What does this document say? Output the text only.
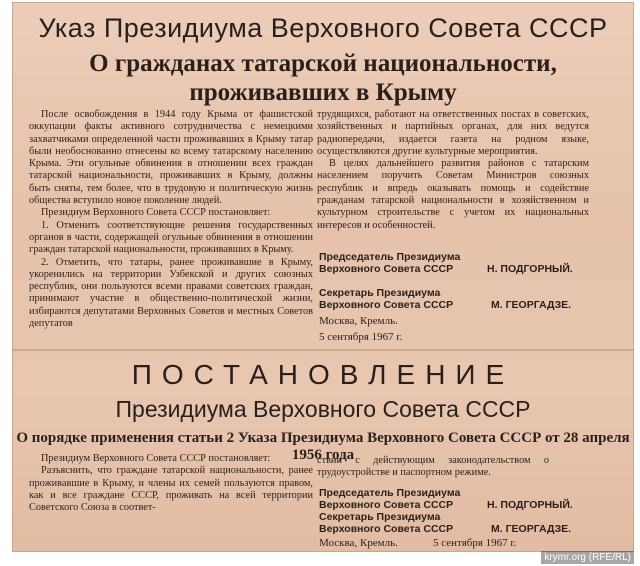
Указ Президиума Верховного Совета СССР
О гражданах татарской национальности,
проживавших в Крыму

После освобождения в 1944 году Крыма от фашистской оккупации факты активного сотрудничества с немецкими захватчиками определенной части проживавших в Крыму татар были необоснованно отнесены ко всему татарскому населению Крыма. Эти огульные обвинения в отношении всех граждан татарской национальности, проживавших в Крыму, должны быть сняты, тем более, что в трудовую и политическую жизнь общества вступило новое поколение людей.

Президиум Верховного Совета СССР постановляет:

1. Отменить соответствующие решения государственных органов в части, содержащей огульные обвинения в отношении граждан татарской национальности, проживавших в Крыму.

2. Отметить, что татары, ранее проживавшие в Крыму, укоренились на территории Узбекской и других союзных республик, они пользуются всеми правами советских граждан, принимают участие в общественно-политической жизни, избираются депутатами Верховных Советов и местных Советов депутатов

трудящихся, работают на ответственных постах в советских, хозяйственных и партийных органах, для них ведутся радиопередачи, издается газета на родном языке, осуществляются другие культурные мероприятия.

В целях дальнейшего развития районов с татарским населением поручить Советам Министров союзных республик и впредь оказывать помощь и содействие гражданам татарской национальности в хозяйственном и культурном строительстве с учетом их национальных интересов и особенностей.

Председатель Президиума
Верховного Совета СССР	Н. ПОДГОРНЫЙ.
Секретарь Президиума
Верховного Совета СССР	М. ГЕОРГАДЗЕ.
Москва, Кремль.
5 сентября 1967 г.
ПОСТАНОВЛЕНИЕ
Президиума Верховного Совета СССР
О порядке применения статьи 2 Указа Президиума Верховного Совета СССР от 28 апреля 1956 года

Президиум Верховного Совета СССР постановляет:

Разъяснить, что граждане татарской национальности, ранее проживавшие в Крыму, и члены их семей пользуются правом, как и все граждане СССР, проживать на всей территории Советского Союза в соответ-

ствии с действующим законодательством о трудоустройстве и паспортном режиме.

Председатель Президиума
Верховного Совета СССР	Н. ПОДГОРНЫЙ.
Секретарь Президиума
Верховного Совета СССР	М. ГЕОРГАДЗЕ.
Москва, Кремль.	5 сентября 1967 г.
krymr.org (RFE/RL)
